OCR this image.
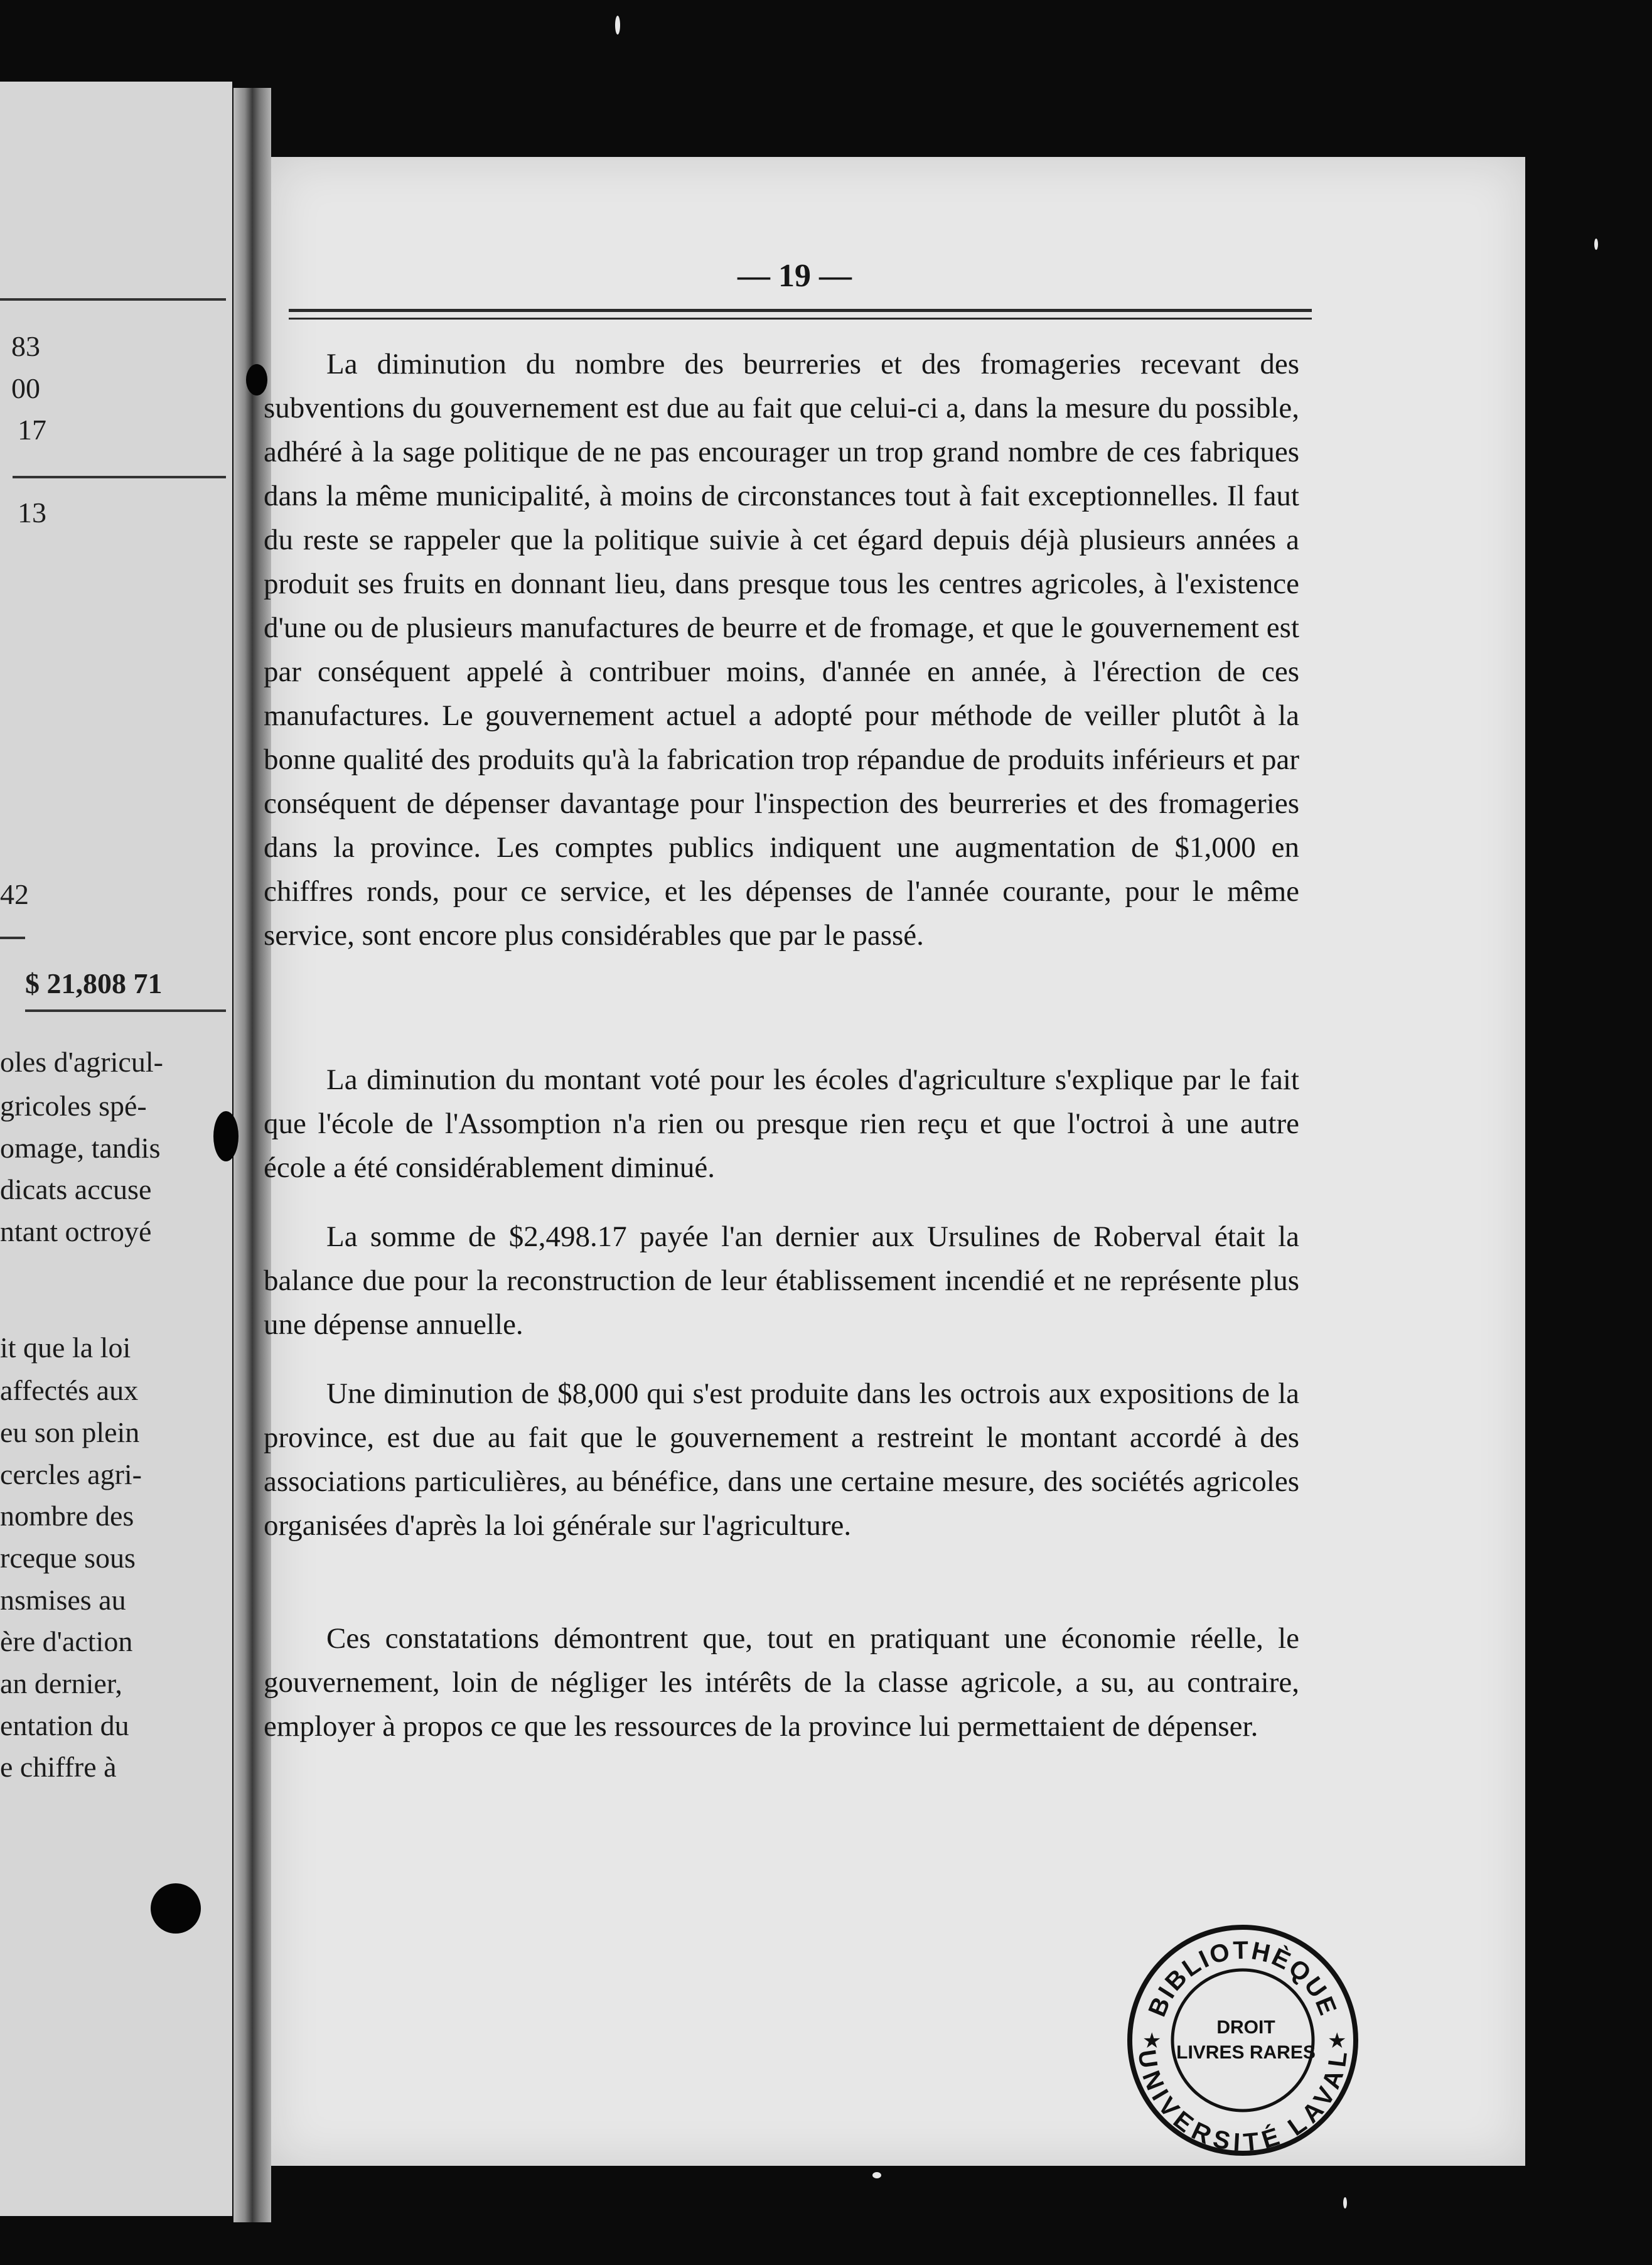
83
00
17
13
42
$ 21,808 71
oles d'agricul-
gricoles spé-
omage, tandis
dicats accuse
ntant octroyé
it que la loi
affectés aux
eu son plein
cercles agri-
nombre des
rceque sous
nsmises au
ère d'action
an dernier,
entation du
e chiffre à
— 19 —
La diminution du nombre des beurreries et des fromageries recevant des subventions du gouvernement est due au fait que celui-ci a, dans la mesure du possible, adhéré à la sage politique de ne pas encourager un trop grand nombre de ces fabriques dans la même municipalité, à moins de circonstances tout à fait exceptionnelles. Il faut du reste se rappeler que la politique suivie à cet égard depuis déjà plusieurs années a produit ses fruits en donnant lieu, dans presque tous les centres agricoles, à l'existence d'une ou de plusieurs manufactures de beurre et de fromage, et que le gouvernement est par conséquent appelé à contribuer moins, d'année en année, à l'érection de ces manufactures. Le gouvernement actuel a adopté pour méthode de veiller plutôt à la bonne qualité des produits qu'à la fabrication trop répandue de produits inférieurs et par conséquent de dépenser davantage pour l'inspection des beurreries et des fromageries dans la province. Les comptes publics indiquent une augmentation de $1,000 en chiffres ronds, pour ce service, et les dépenses de l'année courante, pour le même service, sont encore plus considérables que par le passé.
La diminution du montant voté pour les écoles d'agriculture s'explique par le fait que l'école de l'Assomption n'a rien ou presque rien reçu et que l'octroi à une autre école a été considérablement diminué.
La somme de $2,498.17 payée l'an dernier aux Ursulines de Roberval était la balance due pour la reconstruction de leur établissement incendié et ne représente plus une dépense annuelle.
Une diminution de $8,000 qui s'est produite dans les octrois aux expositions de la province, est due au fait que le gouvernement a restreint le montant accordé à des associations particulières, au bénéfice, dans une certaine mesure, des sociétés agricoles organisées d'après la loi générale sur l'agriculture.
Ces constatations démontrent que, tout en pratiquant une économie réelle, le gouvernement, loin de négliger les intérêts de la classe agricole, a su, au contraire, employer à propos ce que les ressources de la province lui permettaient de dépenser.
BIBLIOTHÈQUE
UNIVERSITÉ LAVAL
★	★
DROIT
LIVRES RARES
